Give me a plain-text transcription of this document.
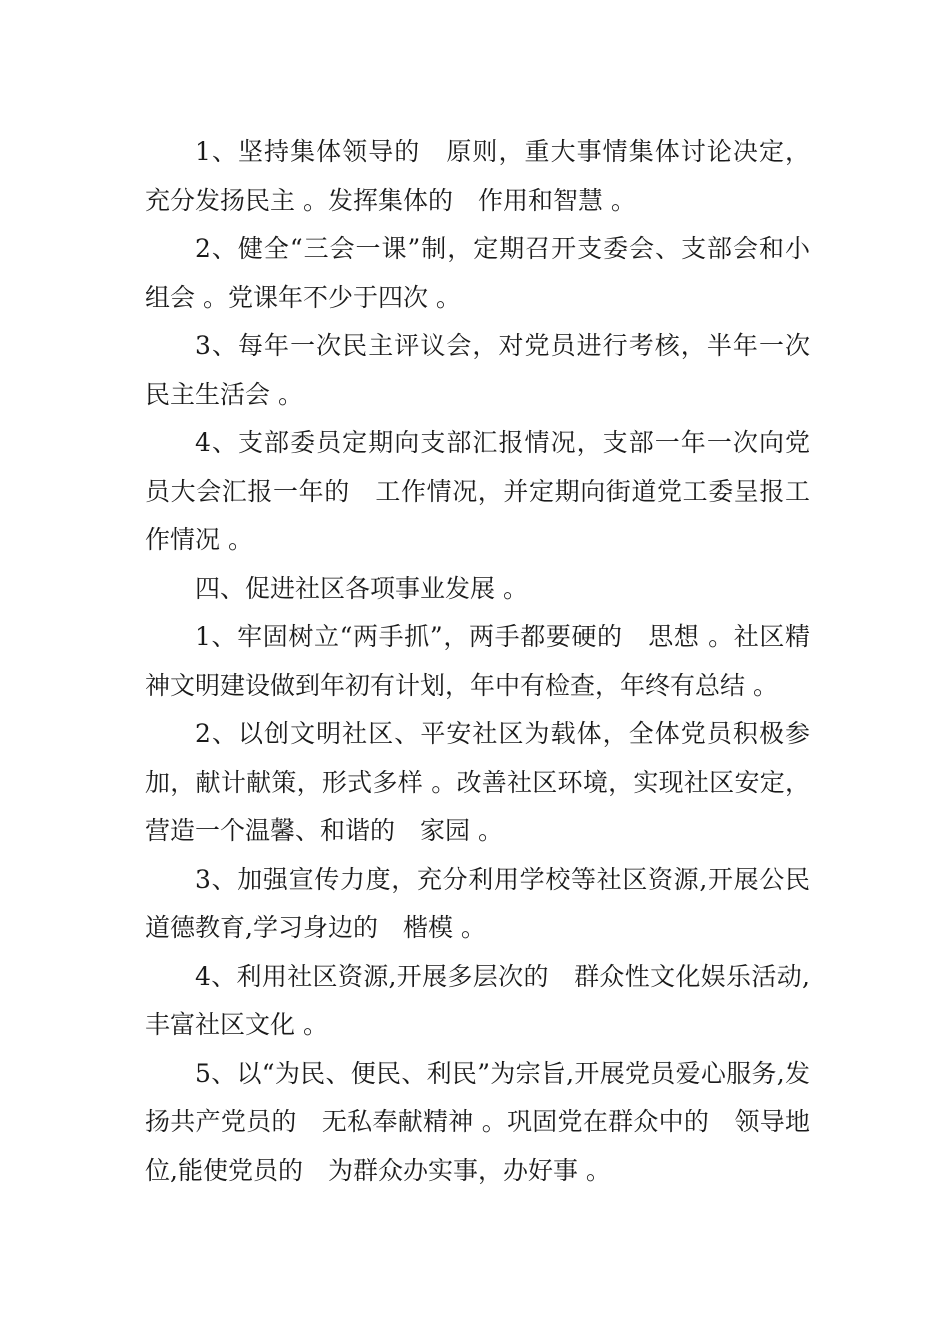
1、坚持集体领导的　原则，重大事情集体讨论决定，充分发扬民主 。发挥集体的　作用和智慧 。

2、健全“三会一课”制，定期召开支委会、支部会和小组会 。党课年不少于四次 。

3、每年一次民主评议会，对党员进行考核，半年一次民主生活会 。

4、支部委员定期向支部汇报情况，支部一年一次向党员大会汇报一年的　工作情况，并定期向街道党工委呈报工作情况 。

四、促进社区各项事业发展 。

1、牢固树立“两手抓”，两手都要硬的　思想 。社区精神文明建设做到年初有计划，年中有检查，年终有总结 。

2、以创文明社区、平安社区为载体，全体党员积极参加，献计献策，形式多样 。改善社区环境，实现社区安定，营造一个温馨、和谐的　家园 。

3、加强宣传力度，充分利用学校等社区资源,开展公民道德教育,学习身边的　楷模 。

4、利用社区资源,开展多层次的　群众性文化娱乐活动,丰富社区文化 。

5、以“为民、便民、利民”为宗旨,开展党员爱心服务,发扬共产党员的　无私奉献精神 。巩固党在群众中的　领导地位,能使党员的　为群众办实事，办好事 。
